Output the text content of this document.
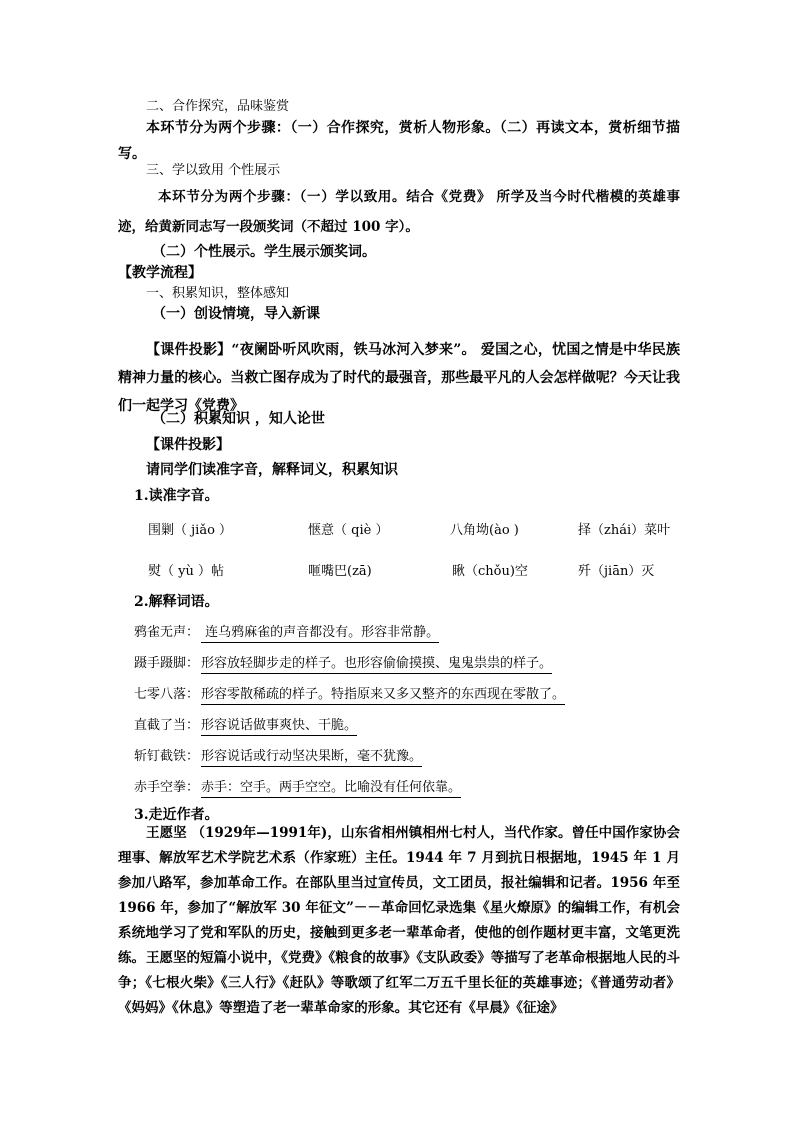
二、合作探究，品味鉴赏
本环节分为两个步骤：（一）合作探究，赏析人物形象。（二）再读文本，赏析细节描写。
三、学以致用 个性展示
本环节分为两个步骤：（一）学以致用。结合《党费》 所学及当今时代楷模的英雄事迹，给黄新同志写一段颁奖词（不超过 100 字）。
（二）个性展示。学生展示颁奖词。
【教学流程】
一、积累知识，整体感知
（一）创设情境，导入新课
【课件投影】“夜阑卧听风吹雨，铁马冰河入梦来”。 爱国之心，忧国之情是中华民族精神力量的核心。当救亡图存成为了时代的最强音，那些最平凡的人会怎样做呢？今天让我们一起学习《党费》
（二）积累知识 ，知人论世
【课件投影】
请同学们读准字音，解释词义，积累知识
1.读准字音。
围剿（ jiǎo ）	惬意（ qiè ）	八角坳(ào )	择（zhái）菜叶
熨（ yù ）帖	咂嘴巴(zā)	瞅（chǒu)空	歼（jiān）灭
2.解释词语。
鸦雀无声： 连乌鸦麻雀的声音都没有。形容非常静。
蹑手蹑脚： 形容放轻脚步走的样子。也形容偷偷摸摸、鬼鬼祟祟的样子。
七零八落： 形容零散稀疏的样子。特指原来又多又整齐的东西现在零散了。
直截了当： 形容说话做事爽快、干脆。
斩钉截铁： 形容说话或行动坚决果断，毫不犹豫。
赤手空拳： 赤手：空手。两手空空。比喻没有任何依靠。
3.走近作者。
王愿坚 （1929年—1991年)，山东省相州镇相州七村人，当代作家。曾任中国作家协会理事、解放军艺术学院艺术系（作家班）主任。1944 年 7 月到抗日根据地，1945 年 1 月参加八路军，参加革命工作。在部队里当过宣传员，文工团员，报社编辑和记者。1956 年至 1966 年，参加了“解放军 30 年征文”－－革命回忆录选集《星火燎原》的编辑工作，有机会系统地学习了党和军队的历史，接触到更多老一辈革命者，使他的创作题材更丰富，文笔更洗练。 王愿坚的短篇小说中，《党费》《粮食的故事》《支队政委》等描写了老革命根据地人民的斗争；《七根火柴》《三人行》《赶队》等歌颂了红军二万五千里长征的英雄事迹；《普通劳动者》《妈妈》《休息》等塑造了老一辈革命家的形象。其它还有《早晨》《征途》
